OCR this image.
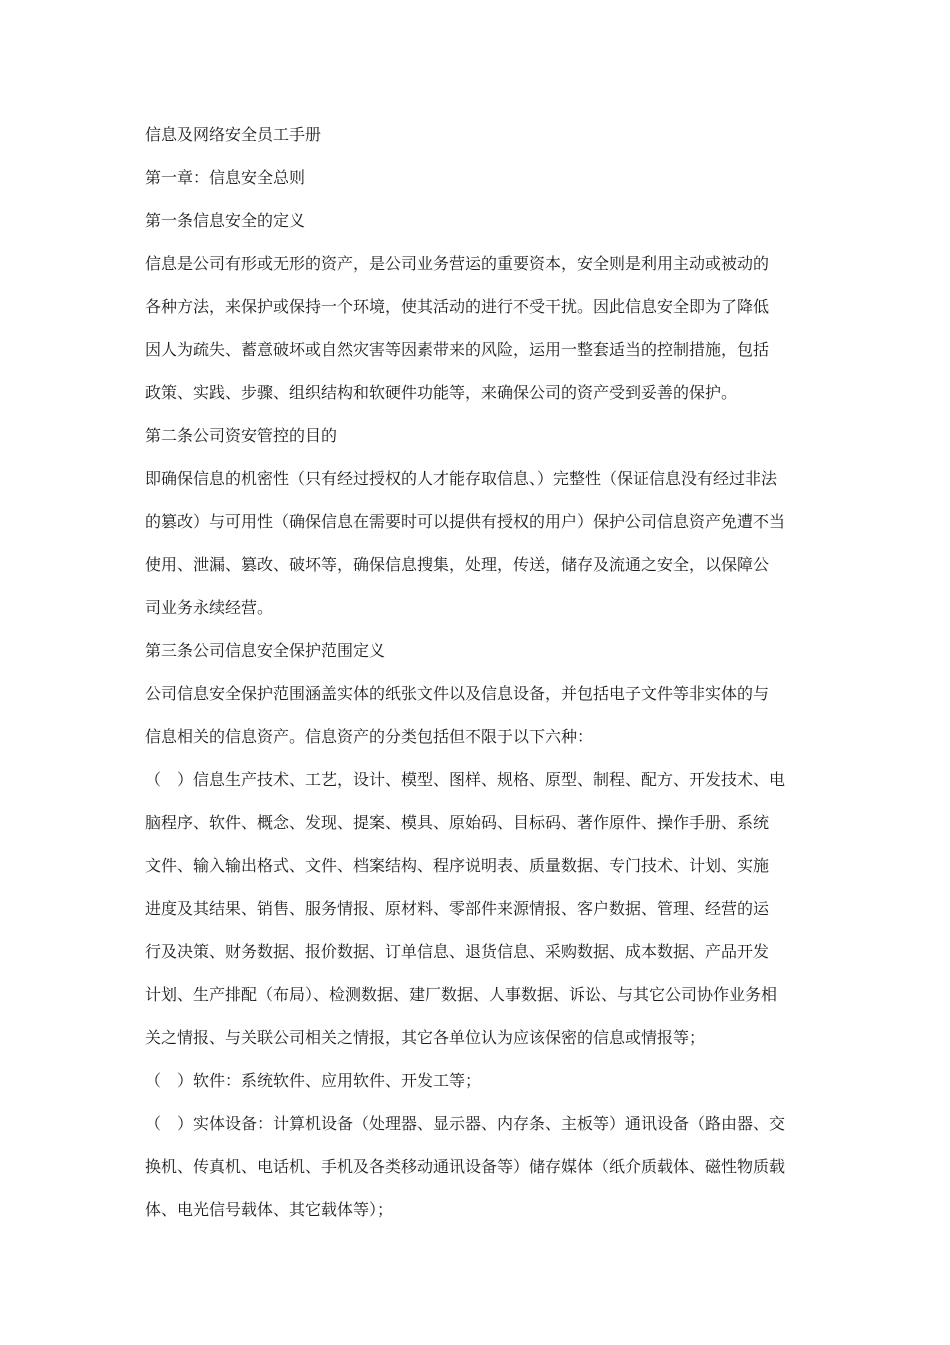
信息及网络安全员工手册

第一章：信息安全总则

第一条信息安全的定义

信息是公司有形或无形的资产，是公司业务营运的重要资本，安全则是利用主动或被动的

各种方法，来保护或保持一个环境，使其活动的进行不受干扰。因此信息安全即为了降低

因人为疏失、蓄意破坏或自然灾害等因素带来的风险，运用一整套适当的控制措施，包括

政策、实践、步骤、组织结构和软硬件功能等，来确保公司的资产受到妥善的保护。

第二条公司资安管控的目的

即确保信息的机密性（只有经过授权的人才能存取信息、）完整性（保证信息没有经过非法

的篡改）与可用性（确保信息在需要时可以提供有授权的用户）保护公司信息资产免遭不当

使用、泄漏、篡改、破坏等，确保信息搜集，处理，传送，储存及流通之安全，以保障公

司业务永续经营。

第三条公司信息安全保护范围定义

公司信息安全保护范围涵盖实体的纸张文件以及信息设备，并包括电子文件等非实体的与

信息相关的信息资产。信息资产的分类包括但不限于以下六种：

（　）信息生产技术、工艺，设计、模型、图样、规格、原型、制程、配方、开发技术、电

脑程序、软件、概念、发现、提案、模具、原始码、目标码、著作原件、操作手册、系统

文件、输入输出格式、文件、档案结构、程序说明表、质量数据、专门技术、计划、实施

进度及其结果、销售、服务情报、原材料、零部件来源情报、客户数据、管理、经营的运

行及决策、财务数据、报价数据、订单信息、退货信息、采购数据、成本数据、产品开发

计划、生产排配（布局）、检测数据、建厂数据、人事数据、诉讼、与其它公司协作业务相

关之情报、与关联公司相关之情报，其它各单位认为应该保密的信息或情报等；

（　）软件：系统软件、应用软件、开发工等；

（　）实体设备：计算机设备（处理器、显示器、内存条、主板等）通讯设备（路由器、交

换机、传真机、电话机、手机及各类移动通讯设备等）储存媒体（纸介质载体、磁性物质载

体、电光信号载体、其它载体等）；
